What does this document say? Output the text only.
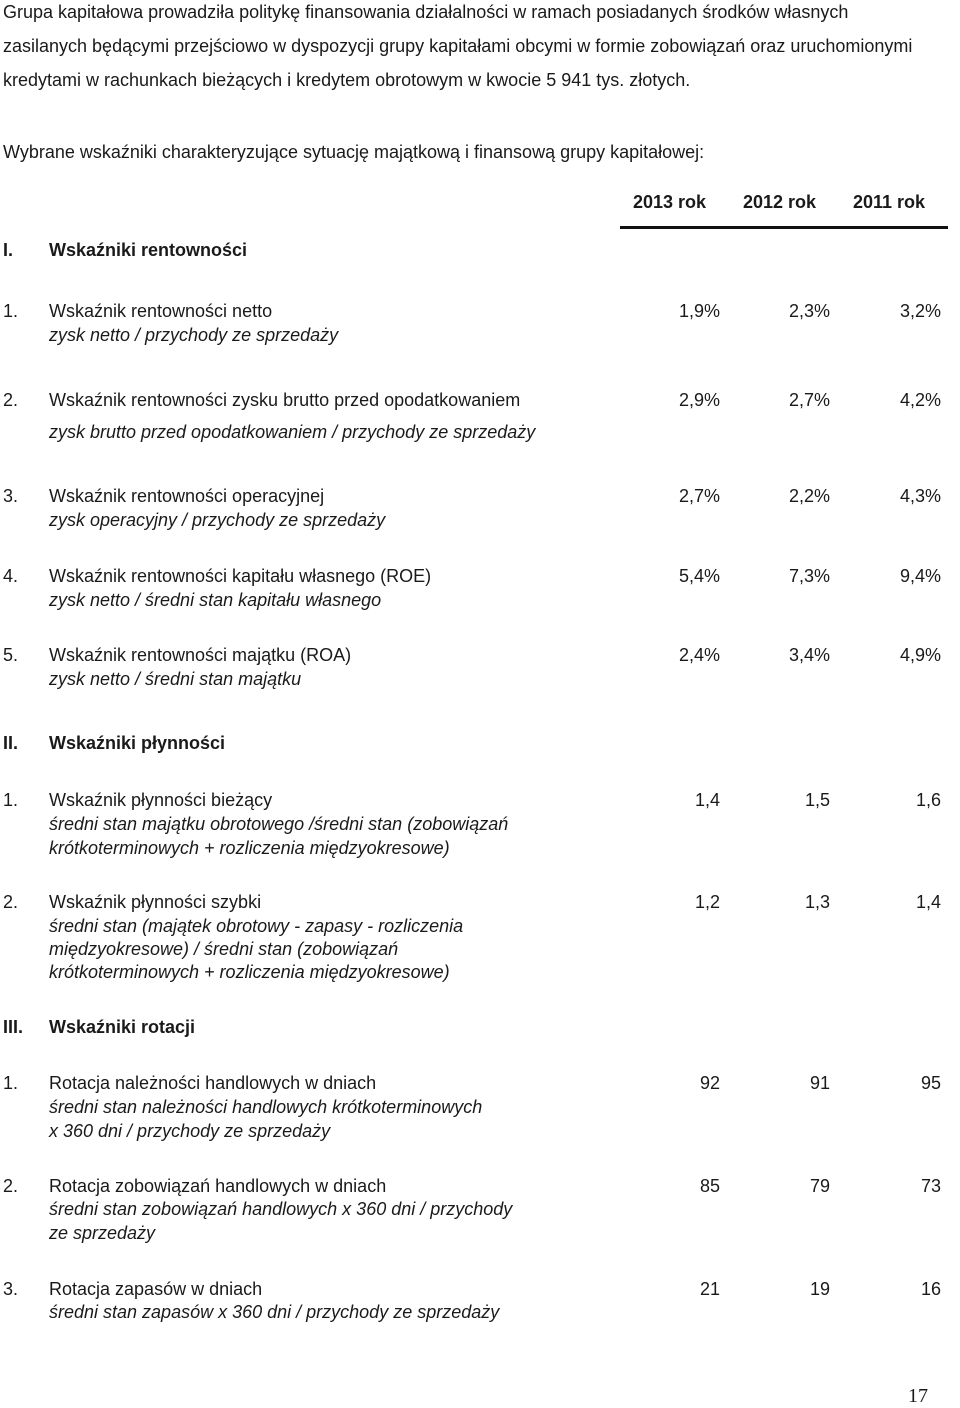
Grupa kapitałowa prowadziła politykę finansowania działalności w ramach posiadanych środków własnych
zasilanych będącymi przejściowo w dyspozycji grupy kapitałami obcymi w formie zobowiązań oraz uruchomionymi
kredytami w rachunkach bieżących i kredytem obrotowym w kwocie 5 941 tys. złotych.
Wybrane wskaźniki charakteryzujące sytuację majątkową i finansową grupy kapitałowej:
2013 rok 2012 rok 2011 rok
I. Wskaźniki rentowności
1. Wskaźnik rentowności netto
zysk netto / przychody ze sprzedaży
1,9%	2,3%	3,2%
2. Wskaźnik rentowności zysku brutto przed opodatkowaniem
zysk brutto przed opodatkowaniem / przychody ze sprzedaży
2,9%	2,7%	4,2%
3. Wskaźnik rentowności operacyjnej
zysk operacyjny / przychody ze sprzedaży
2,7%	2,2%	4,3%
4. Wskaźnik rentowności kapitału własnego (ROE)
zysk netto / średni stan kapitału własnego
5,4%	7,3%	9,4%
5. Wskaźnik rentowności majątku (ROA)
zysk netto / średni stan majątku
2,4%	3,4%	4,9%
II. Wskaźniki płynności
1. Wskaźnik płynności bieżący
średni stan majątku obrotowego /średni stan (zobowiązań
krótkoterminowych + rozliczenia międzyokresowe)
1,4	1,5	1,6
2. Wskaźnik płynności szybki
średni stan (majątek obrotowy - zapasy - rozliczenia
międzyokresowe) / średni stan (zobowiązań
krótkoterminowych + rozliczenia międzyokresowe)
1,2	1,3	1,4
III. Wskaźniki rotacji
1. Rotacja należności handlowych w dniach
średni stan należności handlowych krótkoterminowych
x 360 dni / przychody ze sprzedaży
92	91	95
2. Rotacja zobowiązań handlowych w dniach
średni stan zobowiązań handlowych x 360 dni / przychody
ze sprzedaży
85	79	73
3. Rotacja zapasów w dniach
średni stan zapasów x 360 dni / przychody ze sprzedaży
21	19	16
17
